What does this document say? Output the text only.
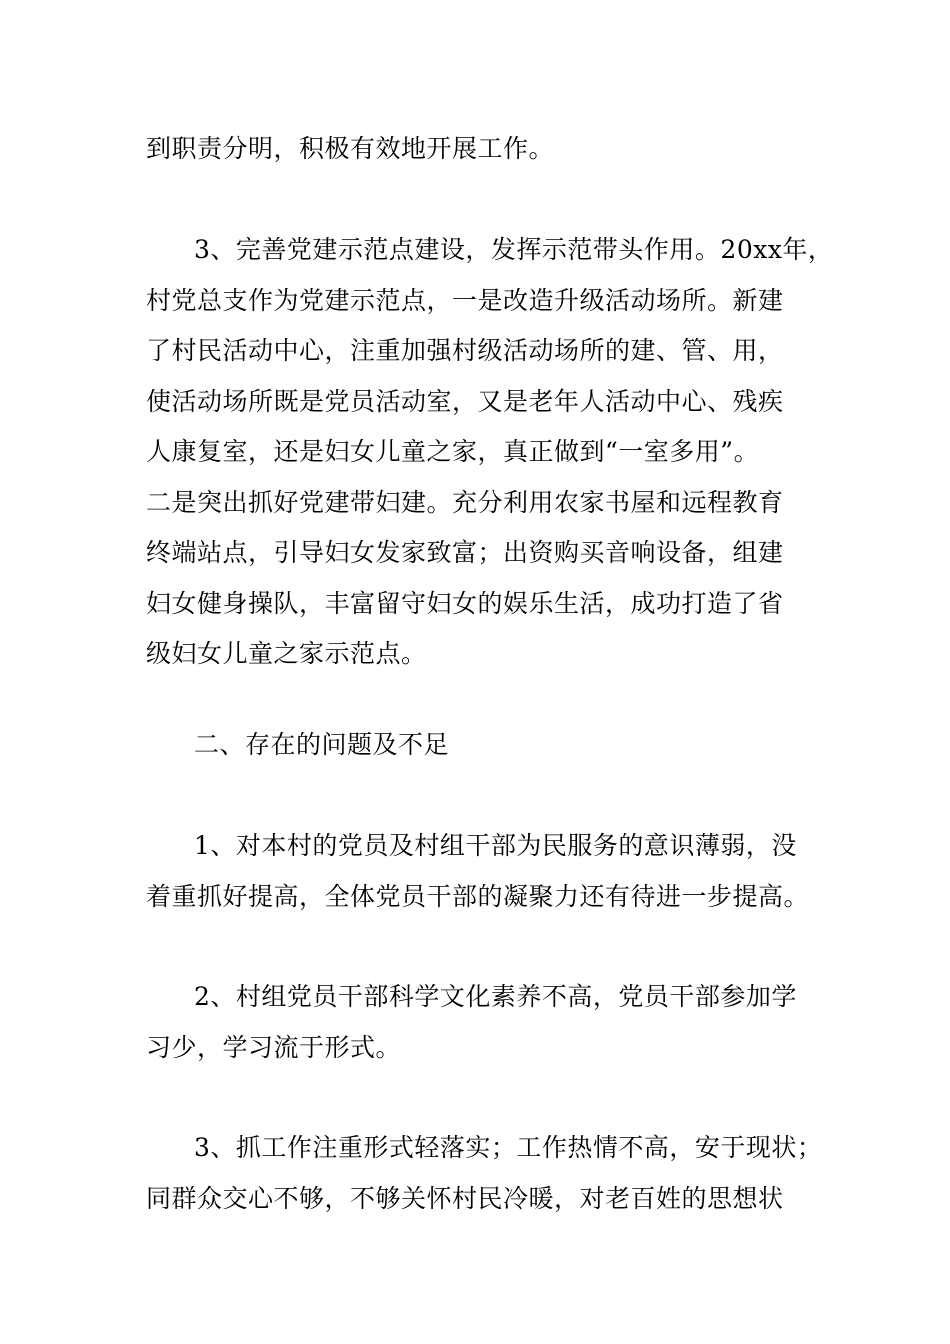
到职责分明，积极有效地开展工作。
3、完善党建示范点建设，发挥示范带头作用。20xx年，
村党总支作为党建示范点，一是改造升级活动场所。新建
了村民活动中心，注重加强村级活动场所的建、管、用，
使活动场所既是党员活动室，又是老年人活动中心、残疾
人康复室，还是妇女儿童之家，真正做到“一室多用”。
二是突出抓好党建带妇建。充分利用农家书屋和远程教育
终端站点，引导妇女发家致富；出资购买音响设备，组建
妇女健身操队，丰富留守妇女的娱乐生活，成功打造了省
级妇女儿童之家示范点。
二、存在的问题及不足
1、对本村的党员及村组干部为民服务的意识薄弱，没
着重抓好提高，全体党员干部的凝聚力还有待进一步提高。
2、村组党员干部科学文化素养不高，党员干部参加学
习少，学习流于形式。
3、抓工作注重形式轻落实；工作热情不高，安于现状；
同群众交心不够，不够关怀村民冷暖，对老百姓的思想状
